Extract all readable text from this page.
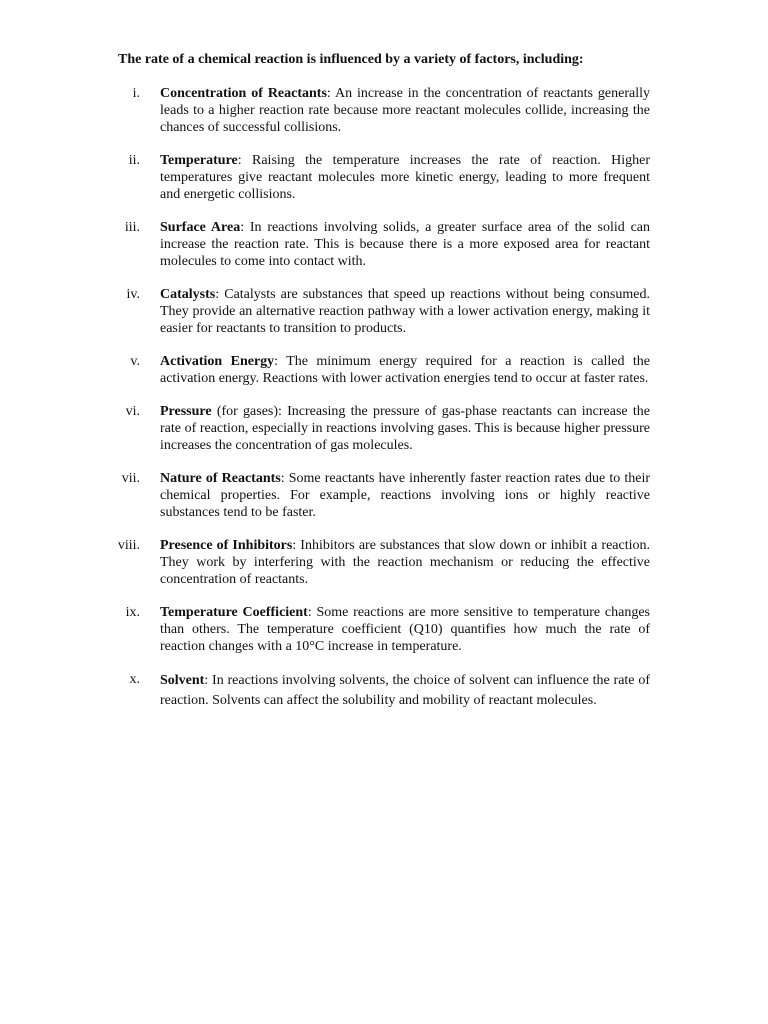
The rate of a chemical reaction is influenced by a variety of factors, including:
i. Concentration of Reactants: An increase in the concentration of reactants generally leads to a higher reaction rate because more reactant molecules collide, increasing the chances of successful collisions.
ii. Temperature: Raising the temperature increases the rate of reaction. Higher temperatures give reactant molecules more kinetic energy, leading to more frequent and energetic collisions.
iii. Surface Area: In reactions involving solids, a greater surface area of the solid can increase the reaction rate. This is because there is a more exposed area for reactant molecules to come into contact with.
iv. Catalysts: Catalysts are substances that speed up reactions without being consumed. They provide an alternative reaction pathway with a lower activation energy, making it easier for reactants to transition to products.
v. Activation Energy: The minimum energy required for a reaction is called the activation energy. Reactions with lower activation energies tend to occur at faster rates.
vi. Pressure (for gases): Increasing the pressure of gas-phase reactants can increase the rate of reaction, especially in reactions involving gases. This is because higher pressure increases the concentration of gas molecules.
vii. Nature of Reactants: Some reactants have inherently faster reaction rates due to their chemical properties. For example, reactions involving ions or highly reactive substances tend to be faster.
viii. Presence of Inhibitors: Inhibitors are substances that slow down or inhibit a reaction. They work by interfering with the reaction mechanism or reducing the effective concentration of reactants.
ix. Temperature Coefficient: Some reactions are more sensitive to temperature changes than others. The temperature coefficient (Q10) quantifies how much the rate of reaction changes with a 10°C increase in temperature.
x. Solvent: In reactions involving solvents, the choice of solvent can influence the rate of reaction. Solvents can affect the solubility and mobility of reactant molecules.
